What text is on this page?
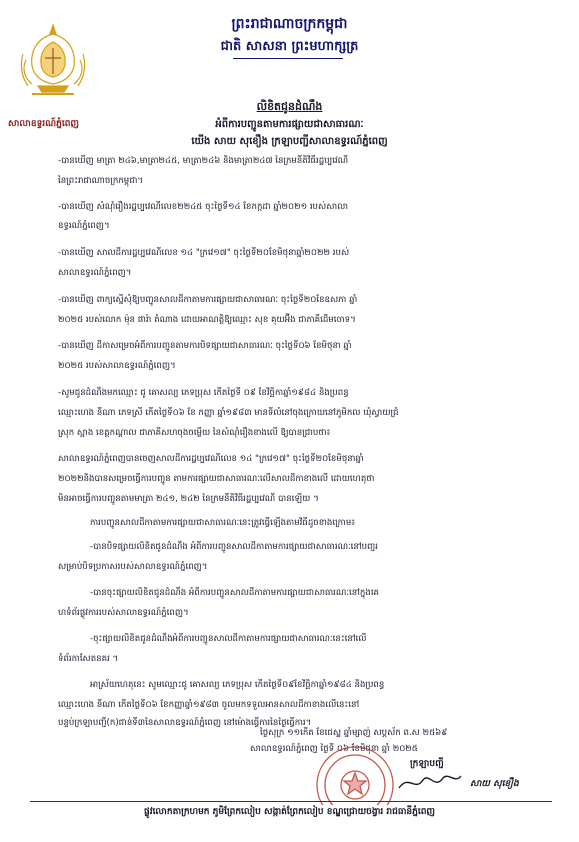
ព្រះរាជាណាចក្រកម្ពុជា
ជាតិ សាសនា ព្រះមហាក្សត្រ
សាលាឧទ្ធរណ៍ភ្នំពេញ
លិខិតជូនដំណឹង
អំពីការបញ្ជូនតាមការផ្សាយជាសាធារណៈ
យើង សាយ សុខឿង ក្រឡាបញ្ជីសាលាឧទ្ធរណ៍ភ្នំពេញ
-បានឃើញ មាត្រា ២៤៦,មាត្រា២៤៥, មាត្រា២៤៦ និងមាត្រា២៤៧ នៃក្រមនីតិវិធីរដ្ឋប្បវេណី
នៃព្រះរាជាណាចក្រកម្ពុជា។
-បានឃើញ សំណុំរឿងរដ្ឋប្បវេណីលេខ២២៤៥ ចុះថ្ងៃទី១៤ ខែកក្កដា ឆ្នាំ២០២១ របស់សាលា
ឧទ្ធរណ៍ភ្នំពេញ។
-បានឃើញ សាលដីការដ្ឋប្បវេណីលេខ ១៤ "ក្រវេ១៧" ចុះថ្ងៃទី២០ខែមិថុនាឆ្នាំ២០២២ របស់
សាលាឧទ្ធរណ៍ភ្នំពេញ។
-បានឃើញ ពាក្យស្នើសុំឱ្យបញ្ជូនសាលដីកាតាមការផ្សាយជាសាធារណៈ ចុះថ្ងៃទី២០ខែឧសភា ឆ្នាំ
២០២៥ របស់លោក ម៉ុន ផារ៉ា តំណាង ដោយអាណត្តិឱ្យឈ្មោះ សុខ គុយអ៊ីង ជាភាគីដើមចោទ។
-បានឃើញ ដីកាសម្រេចអំពីការបញ្ជូនតាមការបិទផ្សាយជាសាធារណៈ ចុះថ្ងៃទី០៦ ខែមិថុនា ឆ្នាំ
២០២៥ របស់សាលាឧទ្ធរណ៍ភ្នំពេញ។
-សូមជូនដំណឹងមកឈ្មោះ ជូ គោសល្យ ភេទប្រុស កើតថ្ងៃទី ០៩ ខែវិច្ឆិកាឆ្នាំ១៩៨៤ និងប្រពន្ធ
ឈ្មោះហេង នីណា ភេទស្រី កើតថ្ងៃទី០៦ ខែ កញ្ញា ឆ្នាំ១៩៨៣ មានទីលំនៅចុងក្រោយនៅភូមិកល ឃុំស្វាយជ្រំ
ស្រុក ស្អាង ខេត្តកណ្តាល ជាភាគីសហចុងចម្លើយ នៃសំណុំរឿងខាងលើ ឱ្យបានជ្រាបថា៖
សាលាឧទ្ធរណ៍ភ្នំពេញបានចេញសាលដីការដ្ឋប្បវេណីលេខ ១៤ "ក្រវេ១៧" ចុះថ្ងៃទី២០ខែមិថុនាឆ្នាំ
២០២២និងបានសម្រេចធ្វើការបញ្ជូន តាមការផ្សាយជាសាធារណៈលើសាលដីកាខាងលើ ដោយហេតុថា
មិនអាចធ្វើការបញ្ជូនតាមមាត្រា ២៤១, ២៤២ នៃក្រមនីតិវិធីរដ្ឋប្បវេណី បានឡើយ ។
ការបញ្ជូនសាលដីកាតាមការផ្សាយជាសាធារណៈនេះត្រូវធ្វើឡើងតាមវិធីដូចខាងក្រោម៖
-បានបិទផ្សាយលិខិតជូនដំណឹង អំពីការបញ្ជូនសាលដីកាតាមការផ្សាយជាសាធារណៈនៅបញ្ជរ
សម្រាប់បិទប្រកាសរបស់សាលាឧទ្ធរណ៍ភ្នំពេញ។
-បានចុះផ្សាយលិខិតជូនដំណឹង អំពីការបញ្ជូនសាលដីកាតាមការផ្សាយជាសាធារណៈនៅក្នុងគេ
ហទំព័រផ្លូវការរបស់សាលាឧទ្ធរណ៍ភ្នំពេញ។
-ចុះផ្សាយលិខិតជូនដំណឹងអំពីការបញ្ជូនសាលដីកាតាមការផ្សាយជាសាធារណៈនេះនៅលើ
ទំព័រកាសែតនគរ ។
អាស្រ័យហេតុនេះ សូមឈ្មោះជូ គោសល្យ ភេទប្រុស កើតថ្ងៃទី០៩ខែវិច្ឆិកាឆ្នាំ១៩៨៤ និងប្រពន្ធ
ឈ្មោះហេង នីណា កើតថ្ងៃទី០៦ ខែកញ្ញាឆ្នាំ១៩៨៣ ចូលមកទទួលអានសាលដីកាខាងលើនេះនៅ
បន្ទប់ក្រឡាបញ្ជី(ក)ជាន់ទី៣នៃសាលាឧទ្ធរណ៍ភ្នំពេញ នៅម៉ោងធ្វើការនៃថ្ងៃធ្វើការ។
ថ្ងៃសុក្រ ១១កើត ខែជេស្ឋ ឆ្នាំម្សាញ់ សប្តស័ក ព.ស ២៥៦៩
សាលាឧទ្ធរណ៍ភ្នំពេញ ថ្ងៃទី ០៦ ខែមិថុនា ឆ្នាំ ២០២៥
ក្រឡាបញ្ជី
សាយ សុខឿង
ផ្លូវលោកតាក្រហមក ភូមិព្រែកលៀប សង្កាត់ព្រែកលៀប ខណ្ឌជ្រោយចង្វារ រាជធានីភ្នំពេញ
